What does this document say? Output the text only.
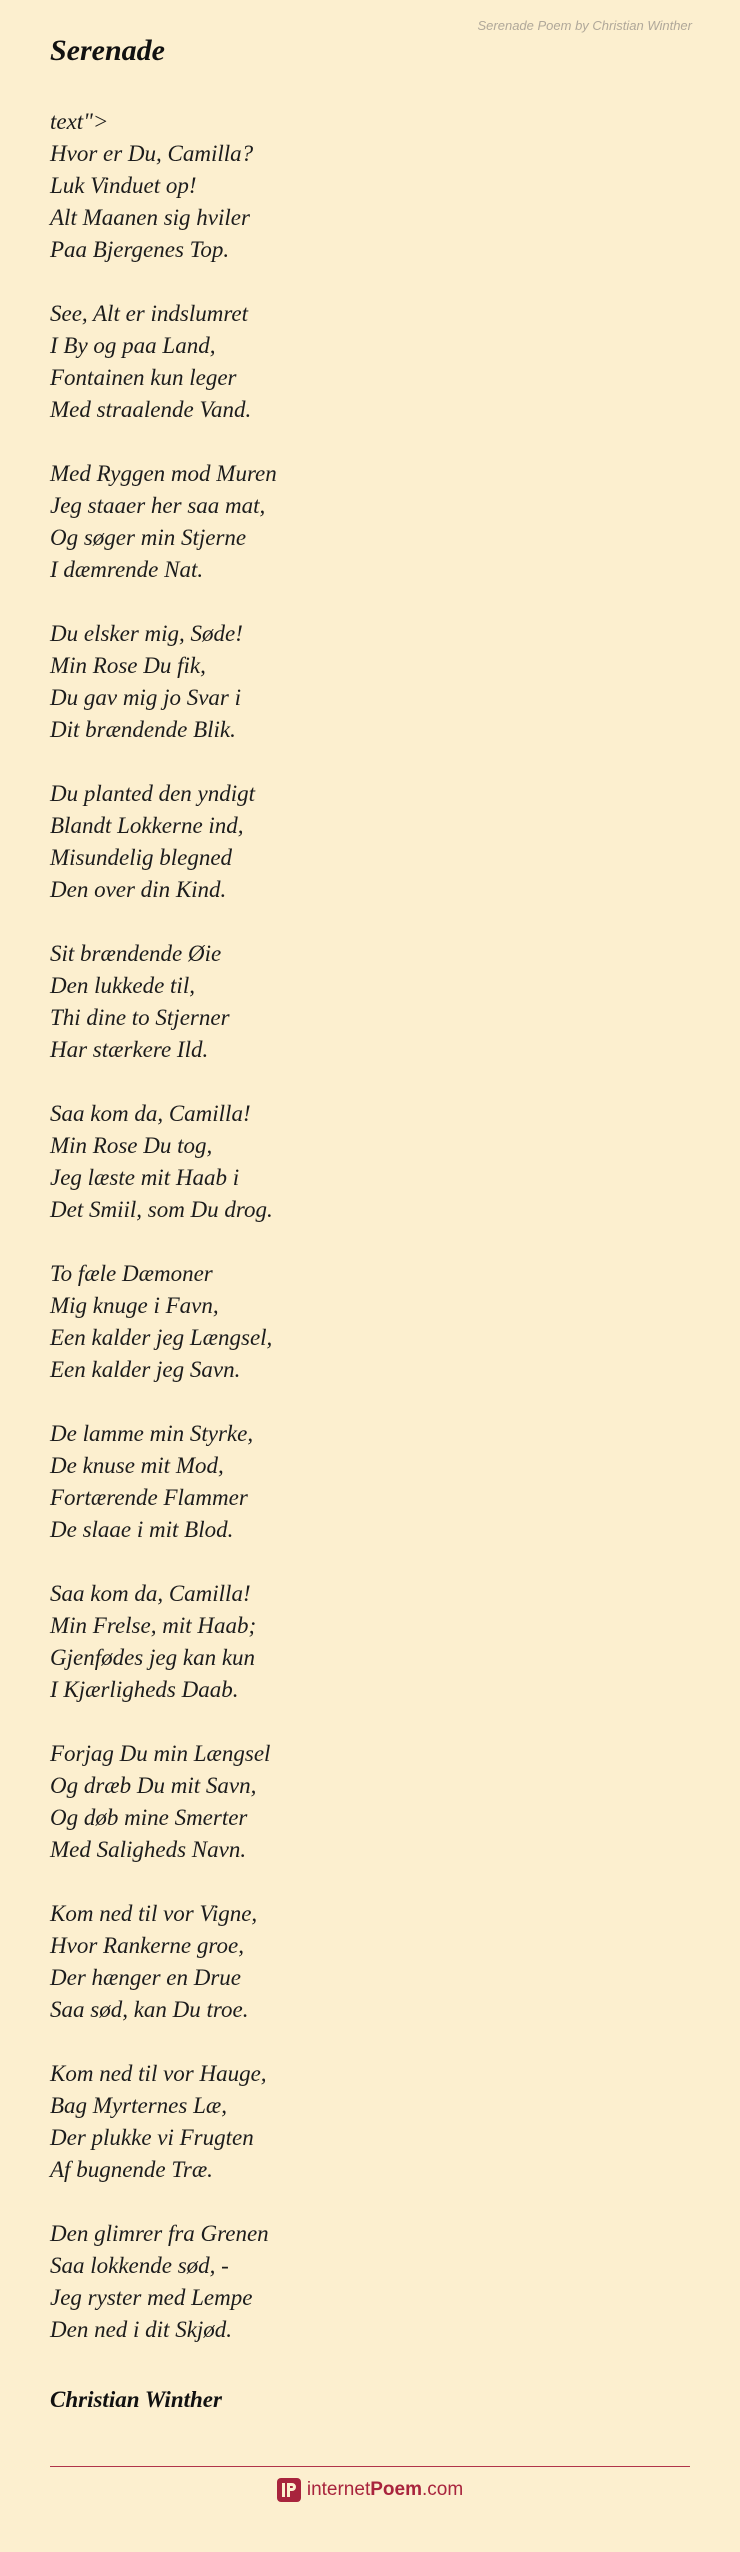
Serenade Poem by Christian Winther
Serenade

text">
Hvor er Du, Camilla?
Luk Vinduet op!
Alt Maanen sig hviler
Paa Bjergenes Top.

See, Alt er indslumret
I By og paa Land,
Fontainen kun leger
Med straalende Vand.

Med Ryggen mod Muren
Jeg staaer her saa mat,
Og søger min Stjerne
I dæmrende Nat.

Du elsker mig, Søde!
Min Rose Du fik,
Du gav mig jo Svar i
Dit brændende Blik.

Du planted den yndigt
Blandt Lokkerne ind,
Misundelig blegned
Den over din Kind.

Sit brændende Øie
Den lukkede til,
Thi dine to Stjerner
Har stærkere Ild.

Saa kom da, Camilla!
Min Rose Du tog,
Jeg læste mit Haab i
Det Smiil, som Du drog.

To fæle Dæmoner
Mig knuge i Favn,
Een kalder jeg Længsel,
Een kalder jeg Savn.

De lamme min Styrke,
De knuse mit Mod,
Fortærende Flammer
De slaae i mit Blod.

Saa kom da, Camilla!
Min Frelse, mit Haab;
Gjenfødes jeg kan kun
I Kjærligheds Daab.

Forjag Du min Længsel
Og dræb Du mit Savn,
Og døb mine Smerter
Med Saligheds Navn.

Kom ned til vor Vigne,
Hvor Rankerne groe,
Der hænger en Drue
Saa sød, kan Du troe.

Kom ned til vor Hauge,
Bag Myrternes Læ,
Der plukke vi Frugten
Af bugnende Træ.

Den glimrer fra Grenen
Saa lokkende sød, -
Jeg ryster med Lempe
Den ned i dit Skjød.

Christian Winther
internetPoem.com
